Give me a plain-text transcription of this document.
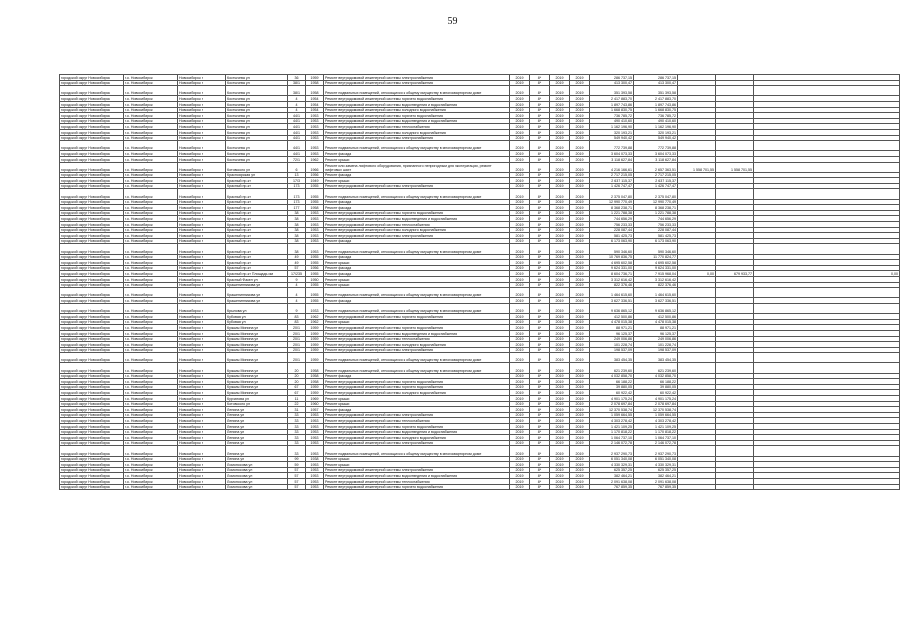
59
городской округ Новосибирск	г.о. Новосибирск	Новосибирск г	Костычева ул	36	1959	Ремонт внутридомовой инженерной системы электроснабжения	2019	8*	2019	2019	286 737,15	286 737,15			
городской округ Новосибирск	г.о. Новосибирск	Новосибирск г	Костычева ул	38/1	1958	Ремонт внутридомовой инженерной системы электроснабжения	2019	8*	2019	2019	413 300,47	413 300,47			
городской округ Новосибирск	г.о. Новосибирск	Новосибирск г	Костычева ул	38/1	1958	Ремонт подвальных помещений, относящихся к общему имуществу в многоквартирном доме	2019	8*	2019	2019	351 393,58	351 393,58			
городской округ Новосибирск	г.о. Новосибирск	Новосибирск г	Костычева ул	4	1954	Ремонт внутридомовой инженерной системы горячего водоснабжения	2019	8*	2019	2019	2 417 883,70	2 417 883,70			
городской округ Новосибирск	г.о. Новосибирск	Новосибирск г	Костычева ул	4	1954	Ремонт внутридомовой инженерной системы водоотведения и водоснабжения	2019	8*	2019	2019	1 897 743,86	1 897 743,86			
городской округ Новосибирск	г.о. Новосибирск	Новосибирск г	Костычева ул	4	1954	Ремонт внутридомовой инженерной системы холодного водоснабжения	2019	8*	2019	2019	1 668 830,75	1 668 830,75			
городской округ Новосибирск	г.о. Новосибирск	Новосибирск г	Костычева ул	44/1	1953	Ремонт внутридомовой инженерной системы горячего водоснабжения	2019	8*	2019	2019	736 785,72	736 785,72			
городской округ Новосибирск	г.о. Новосибирск	Новосибирск г	Костычева ул	44/1	1953	Ремонт внутридомовой инженерной системы водоотведения и водоснабжения	2019	8*	2019	2019	490 410,60	490 410,60			
городской округ Новосибирск	г.о. Новосибирск	Новосибирск г	Костычева ул	44/1	1953	Ремонт внутридомовой инженерной системы теплоснабжения	2019	8*	2019	2019	1 162 196,90	1 162 196,90			
городской округ Новосибирск	г.о. Новосибирск	Новосибирск г	Костычева ул	44/1	1953	Ремонт внутридомовой инженерной системы холодного водоснабжения	2019	8*	2019	2019	320 193,21	320 193,21			
городской округ Новосибирск	г.о. Новосибирск	Новосибирск г	Костычева ул	44/1	1953	Ремонт внутридомовой инженерной системы электроснабжения	2019	8*	2019	2019	549 940,42	549 940,42			
городской округ Новосибирск	г.о. Новосибирск	Новосибирск г	Костычева ул	44/1	1953	Ремонт подвальных помещений, относящихся к общему имуществу в многоквартирном доме	2019	8*	2019	2019	772 739,88	772 739,88			
городской округ Новосибирск	г.о. Новосибирск	Новосибирск г	Костычева ул	44/1	1953	Ремонт фасада	2019	8*	2019	2019	3 604 073,33	3 604 073,33			
городской округ Новосибирск	г.о. Новосибирск	Новосибирск г	Костычева ул	72/1	1962	Ремонт крыши	2019	8*	2019	2019	3 118 627,84	3 118 627,84			
городской округ Новосибирск	г.о. Новосибирск	Новосибирск г	Котовского ул	6	1966	Ремонт или замена лифтового оборудования, признанного непригодным для эксплуатации, ремонт лифтовых шахт	2019	8*	2019	2019	4 216 166,61	2 657 363,51	1 558 701,55	1 558 701,55	
городской округ Новосибирск	г.о. Новосибирск	Новосибирск г	Красноярская ул	13	1956	Ремонт фасада	2019	8*	2019	2019	2 717 215,05	2 717 215,05			
городской округ Новосибирск	г.о. Новосибирск	Новосибирск г	Красный пр-кт	17/3	1949	Ремонт крыши	2019	8*	2019	2019	2 637 115,37	2 637 115,37			
городской округ Новосибирск	г.о. Новосибирск	Новосибирск г	Красный пр-кт	173	1955	Ремонт внутридомовой инженерной системы электроснабжения	2019	8*	2019	2019	1 426 747,47	1 426 747,47			
городской округ Новосибирск	г.о. Новосибирск	Новосибирск г	Красный пр-кт	173	1955	Ремонт подвальных помещений, относящихся к общему имуществу в многоквартирном доме	2019	8*	2019	2019	2 375 047,80	2 375 047,80			
городской округ Новосибирск	г.о. Новосибирск	Новосибирск г	Красный пр-кт	173	1955	Ремонт фасада	2019	8*	2019	2019	12 990 770,49	12 990 770,49			
городской округ Новосибирск	г.о. Новосибирск	Новосибирск г	Красный пр-кт	177	1958	Ремонт фасада	2019	8*	2019	2019	8 368 238,71	8 368 238,71			
городской округ Новосибирск	г.о. Новосибирск	Новосибирск г	Красный пр-кт	38	1953	Ремонт внутридомовой инженерной системы горячего водоснабжения	2019	8*	2019	2019	1 221 788,38	1 221 788,38			
городской округ Новосибирск	г.о. Новосибирск	Новосибирск г	Красный пр-кт	38	1953	Ремонт внутридомовой инженерной системы водоотведения и водоснабжения	2019	8*	2019	2019	744 656,29	744 656,29			
городской округ Новосибирск	г.о. Новосибирск	Новосибирск г	Красный пр-кт	38	1953	Ремонт внутридомовой инженерной системы теплоснабжения	2019	8*	2019	2019	756 233,33	756 233,33			
городской округ Новосибирск	г.о. Новосибирск	Новосибирск г	Красный пр-кт	38	1953	Ремонт внутридомовой инженерной системы холодного водоснабжения	2019	8*	2019	2019	228 087,44	228 087,44			
городской округ Новосибирск	г.о. Новосибирск	Новосибирск г	Красный пр-кт	38	1953	Ремонт внутридомовой инженерной системы электроснабжения	2019	8*	2019	2019	581 425,73	581 425,73			
городской округ Новосибирск	г.о. Новосибирск	Новосибирск г	Красный пр-кт	38	1953	Ремонт фасада	2019	8*	2019	2019	6 173 063,90	6 173 063,90			
городской округ Новосибирск	г.о. Новосибирск	Новосибирск г	Красный пр-кт	38	1953	Ремонт подвальных помещений, относящихся к общему имуществу в многоквартирном доме	2019	8*	2019	2019	590 346,60	590 346,60			
городской округ Новосибирск	г.о. Новосибирск	Новосибирск г	Красный пр-кт	49	1955	Ремонт фасада	2019	8*	2019	2019	10 769 836,75	11 770 824,77			
городской округ Новосибирск	г.о. Новосибирск	Новосибирск г	Красный пр-кт	49	1955	Ремонт крыши	2019	8*	2019	2019	4 695 602,58	4 695 602,58			
городской округ Новосибирск	г.о. Новосибирск	Новосибирск г	Красный пр-кт	57	1956	Ремонт фасада	2019	8*	2019	2019	9 624 331,00	9 624 331,00			
городской округ Новосибирск	г.о. Новосибирск	Новосибирск г	Красный пр-кт Площадь им	17/235	1955	Ремонт фасада	2019	8*	2019	2019	8 604 736,71	7 915 968,04	0,00	679 933,77	0,00
городской округ Новосибирск	г.о. Новосибирск	Новосибирск г	Красный Факел ул	9	1950	Ремонт крыши	2019	8*	2019	2019	3 312 616,42	3 312 616,42			
городской округ Новосибирск	г.о. Новосибирск	Новосибирск г	Крашенинникова ул	4	1955	Ремонт крыши	2019	8*	2019	2019	822 376,46	822 376,46			
городской округ Новосибирск	г.о. Новосибирск	Новосибирск г	Крашенинникова ул	4	1955	Ремонт подвальных помещений, относящихся к общему имуществу в многоквартирном доме	2019	8*	2019	2019	1 464 615,60	1 464 615,60			
городской округ Новосибирск	г.о. Новосибирск	Новосибирск г	Крашенинникова ул	4	1955	Ремонт фасада	2019	8*	2019	2019	3 627 336,51	3 627 336,51			
городской округ Новосибирск	г.о. Новосибирск	Новосибирск г	Крылова ул	9	1933	Ремонт подвальных помещений, относящихся к общему имуществу в многоквартирном доме	2019	8*	2019	2019	9 636 865,12	9 636 865,12			
городской округ Новосибирск	г.о. Новосибирск	Новосибирск г	Кубовая ул	83	1962	Ремонт внутридомовой инженерной системы горячего водоснабжения	2019	8*	2019	2019	412 500,86	412 500,86			
городской округ Новосибирск	г.о. Новосибирск	Новосибирск г	Кубовая ул	83	1962	Ремонт крыши	2019	8*	2019	2019	4 478 015,38	4 478 015,38			
городской округ Новосибирск	г.о. Новосибирск	Новосибирск г	Кузьмы Минина ул	20/1	1959	Ремонт внутридомовой инженерной системы горячего водоснабжения	2019	8*	2019	2019	88 971,21	88 971,21			
городской округ Новосибирск	г.о. Новосибирск	Новосибирск г	Кузьмы Минина ул	20/1	1959	Ремонт внутридомовой инженерной системы водоотведения и водоснабжения	2019	8*	2019	2019	96 125,37	96 125,37			
городской округ Новосибирск	г.о. Новосибирск	Новосибирск г	Кузьмы Минина ул	20/1	1959	Ремонт внутридомовой инженерной системы теплоснабжения	2019	8*	2019	2019	249 006,86	249 006,86			
городской округ Новосибирск	г.о. Новосибирск	Новосибирск г	Кузьмы Минина ул	20/1	1959	Ремонт внутридомовой инженерной системы холодного водоснабжения	2019	8*	2019	2019	101 228,74	101 228,74			
городской округ Новосибирск	г.о. Новосибирск	Новосибирск г	Кузьмы Минина ул	20/1	1959	Ремонт внутридомовой инженерной системы электроснабжения	2019	8*	2019	2019	198 537,09	198 537,09			
городской округ Новосибирск	г.о. Новосибирск	Новосибирск г	Кузьмы Минина ул	20/1	1959	Ремонт подвальных помещений, относящихся к общему имуществу в многоквартирном доме	2019	8*	2019	2019	383 454,35	383 454,35			
городской округ Новосибирск	г.о. Новосибирск	Новосибирск г	Кузьмы Минина ул	20	1958	Ремонт подвальных помещений, относящихся к общему имуществу в многоквартирном доме	2019	8*	2019	2019	621 239,60	621 239,60			
городской округ Новосибирск	г.о. Новосибирск	Новосибирск г	Кузьмы Минина ул	20	1958	Ремонт фасада	2019	8*	2019	2019	4 032 858,70	4 032 858,70			
городской округ Новосибирск	г.о. Новосибирск	Новосибирск г	Кузьмы Минина ул	20	1958	Ремонт внутридомовой инженерной системы горячего водоснабжения	2019	8*	2019	2019	66 188,22	66 188,22			
городской округ Новосибирск	г.о. Новосибирск	Новосибирск г	Кузьмы Минина ул	67	1959	Ремонт внутридомовой инженерной системы горячего водоснабжения	2019	8*	2019	2019	39 880,05	39 880,05			
городской округ Новосибирск	г.о. Новосибирск	Новосибирск г	Кузьмы Минина ул	67	1959	Ремонт внутридомовой инженерной системы холодного водоснабжения	2019	8*	2019	2019	60 922,42	60 922,42			
городской округ Новосибирск	г.о. Новосибирск	Новосибирск г	Курчатова ул	11	1969	Ремонт крыши	2019	8*	2019	2019	4 901 175,24	4 901 175,24			
городской округ Новосибирск	г.о. Новосибирск	Новосибирск г	Котовского ул	22	1960	Ремонт крыши	2019	8*	2019	2019	2 078 697,84	2 078 697,84			
городской округ Новосибирск	г.о. Новосибирск	Новосибирск г	Ленина ул	31	1957	Ремонт фасада	2019	8*	2019	2019	12 370 538,74	12 370 538,74			
городской округ Новосибирск	г.о. Новосибирск	Новосибирск г	Ленина ул	33	1953	Ремонт внутридомовой инженерной системы электроснабжения	2019	8*	2019	2019	1 059 664,55	1 059 664,55			
городской округ Новосибирск	г.о. Новосибирск	Новосибирск г	Ленина ул	33	1953	Ремонт внутридомовой инженерной системы теплоснабжения	2019	8*	2019	2019	4 303 278,42	4 303 278,42			
городской округ Новосибирск	г.о. Новосибирск	Новосибирск г	Ленина ул	33	1953	Ремонт внутридомовой инженерной системы горячего водоснабжения	2019	8*	2019	2019	1 421 109,25	1 421 109,25			
городской округ Новосибирск	г.о. Новосибирск	Новосибирск г	Ленина ул	33	1953	Ремонт внутридомовой инженерной системы водоотведения и водоснабжения	2019	8*	2019	2019	1 170 818,22	1 170 818,22			
городской округ Новосибирск	г.о. Новосибирск	Новосибирск г	Ленина ул	33	1953	Ремонт внутридомовой инженерной системы холодного водоснабжения	2019	8*	2019	2019	1 064 737,10	1 064 737,10			
городской округ Новосибирск	г.о. Новосибирск	Новосибирск г	Ленина ул	33	1953	Ремонт внутридомовой инженерной системы электроснабжения	2019	8*	2019	2019	2 146 072,78	2 146 072,78			
городской округ Новосибирск	г.о. Новосибирск	Новосибирск г	Ленина ул	33	1953	Ремонт подвальных помещений, относящихся к общему имуществу в многоквартирном доме	2019	8*	2019	2019	2 937 290,73	2 937 290,73			
городской округ Новосибирск	г.о. Новосибирск	Новосибирск г	Ленина ул	99	1938	Ремонт крыши	2019	8*	2019	2019	6 051 340,08	6 051 340,08			
городской округ Новосибирск	г.о. Новосибирск	Новосибирск г	Ломоносова ул	59	1953	Ремонт крыши	2019	8*	2019	2019	4 330 329,31	4 330 329,31			
городской округ Новосибирск	г.о. Новосибирск	Новосибирск г	Ломоносова ул	57	1953	Ремонт внутридомовой инженерной системы электроснабжения	2019	8*	2019	2019	625 357,25	625 357,25			
городской округ Новосибирск	г.о. Новосибирск	Новосибирск г	Ломоносова ул	57	1953	Ремонт внутридомовой инженерной системы водоотведения и водоснабжения	2019	8*	2019	2019	382 464,21	382 464,21			
городской округ Новосибирск	г.о. Новосибирск	Новосибирск г	Ломоносова ул	57	1953	Ремонт внутридомовой инженерной системы теплоснабжения	2019	8*	2019	2019	2 091 638,08	2 091 638,08			
городской округ Новосибирск	г.о. Новосибирск	Новосибирск г	Ломоносова ул	57	1953	Ремонт внутридомовой инженерной системы горячего водоснабжения	2019	8*	2019	2019	767 859,35	767 859,35			
